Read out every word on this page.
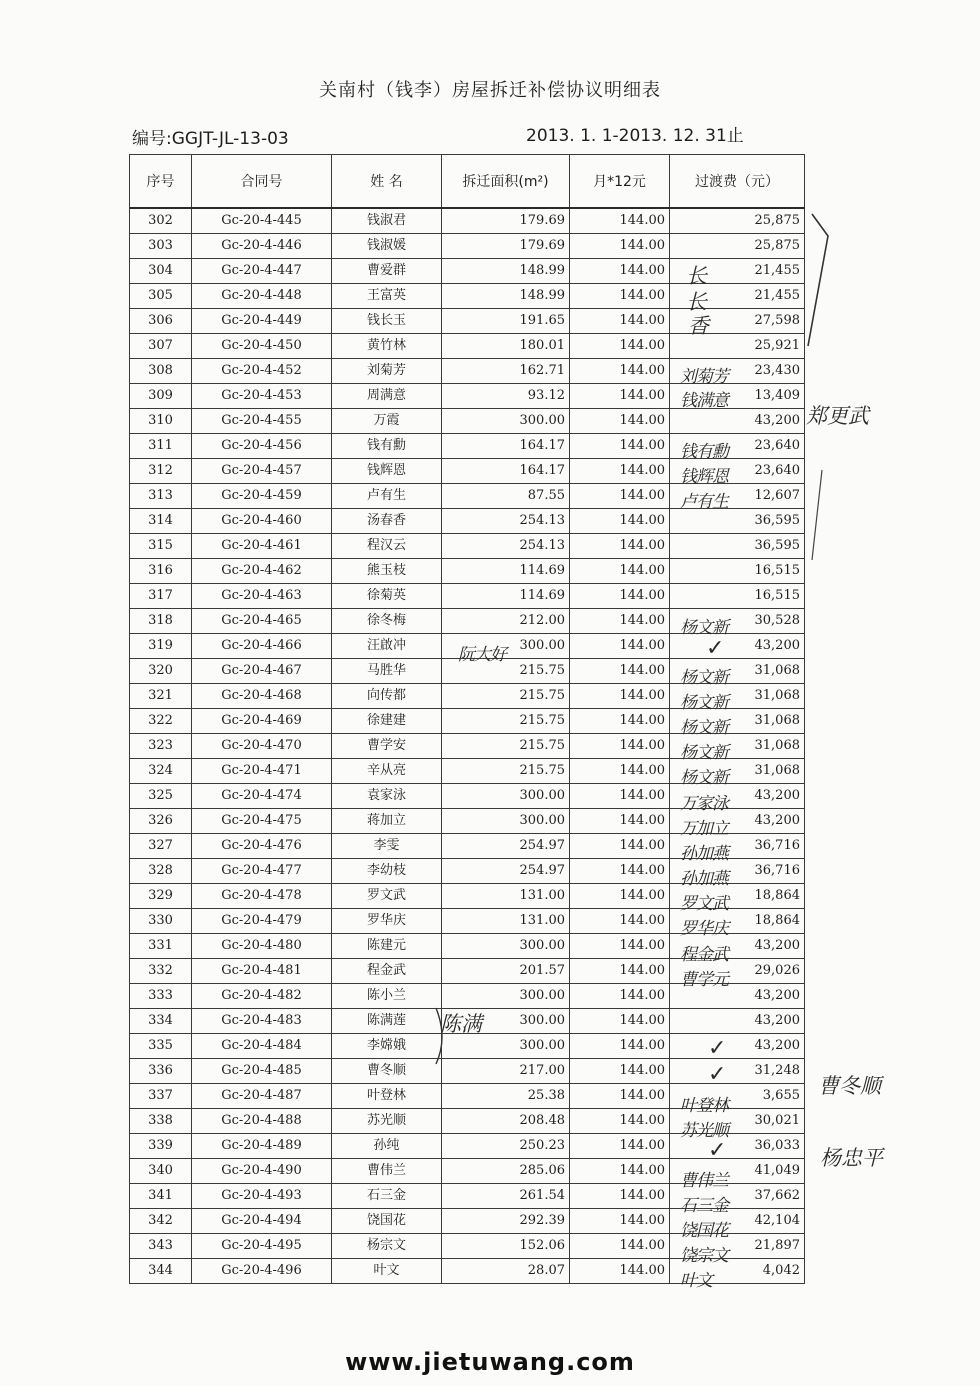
关南村（钱李）房屋拆迁补偿协议明细表
编号:GGJT-JL-13-03	2013. 1. 1-2013. 12. 31止
序号	合同号	姓 名	拆迁面积(m²)	月*12元	过渡费（元）
302	Gc-20-4-445	钱淑君	179.69	144.00	25,875
303	Gc-20-4-446	钱淑媛	179.69	144.00	25,875
304	Gc-20-4-447	曹爱群	148.99	144.00	21,455
305	Gc-20-4-448	王富英	148.99	144.00	21,455
306	Gc-20-4-449	钱长玉	191.65	144.00	27,598
307	Gc-20-4-450	黄竹林	180.01	144.00	25,921
308	Gc-20-4-452	刘菊芳	162.71	144.00	23,430
309	Gc-20-4-453	周满意	93.12	144.00	13,409
310	Gc-20-4-455	万霞	300.00	144.00	43,200
311	Gc-20-4-456	钱有勳	164.17	144.00	23,640
312	Gc-20-4-457	钱辉恩	164.17	144.00	23,640
313	Gc-20-4-459	卢有生	87.55	144.00	12,607
314	Gc-20-4-460	汤春香	254.13	144.00	36,595
315	Gc-20-4-461	程汉云	254.13	144.00	36,595
316	Gc-20-4-462	熊玉枝	114.69	144.00	16,515
317	Gc-20-4-463	徐菊英	114.69	144.00	16,515
318	Gc-20-4-465	徐冬梅	212.00	144.00	30,528
319	Gc-20-4-466	汪啟冲	300.00	144.00	43,200
320	Gc-20-4-467	马胜华	215.75	144.00	31,068
321	Gc-20-4-468	向传都	215.75	144.00	31,068
322	Gc-20-4-469	徐建建	215.75	144.00	31,068
323	Gc-20-4-470	曹学安	215.75	144.00	31,068
324	Gc-20-4-471	辛从亮	215.75	144.00	31,068
325	Gc-20-4-474	袁家泳	300.00	144.00	43,200
326	Gc-20-4-475	蒋加立	300.00	144.00	43,200
327	Gc-20-4-476	李雯	254.97	144.00	36,716
328	Gc-20-4-477	李幼枝	254.97	144.00	36,716
329	Gc-20-4-478	罗文武	131.00	144.00	18,864
330	Gc-20-4-479	罗华庆	131.00	144.00	18,864
331	Gc-20-4-480	陈建元	300.00	144.00	43,200
332	Gc-20-4-481	程金武	201.57	144.00	29,026
333	Gc-20-4-482	陈小兰	300.00	144.00	43,200
334	Gc-20-4-483	陈满莲	300.00	144.00	43,200
335	Gc-20-4-484	李嫦娥	300.00	144.00	43,200
336	Gc-20-4-485	曹冬顺	217.00	144.00	31,248
337	Gc-20-4-487	叶登林	25.38	144.00	3,655
338	Gc-20-4-488	苏光顺	208.48	144.00	30,021
339	Gc-20-4-489	孙纯	250.23	144.00	36,033
340	Gc-20-4-490	曹伟兰	285.06	144.00	41,049
341	Gc-20-4-493	石三金	261.54	144.00	37,662
342	Gc-20-4-494	饶国花	292.39	144.00	42,104
343	Gc-20-4-495	杨宗文	152.06	144.00	21,897
344	Gc-20-4-496	叶文	28.07	144.00	4,042
郑更武
曹冬顺
杨忠平
阮大好
陈满
长
长
香
刘菊芳
钱满意
钱有勳
钱辉恩
卢有生
杨文新
杨文新
杨文新
杨文新
杨文新
杨文新
万家泳
万加立
孙加燕
孙加燕
罗文武
罗华庆
程金武
曹学元
叶登林
苏光顺
曹伟兰
石三金
饶国花
饶宗文
叶文
✓
✓
✓
✓
www.jietuwang.com
